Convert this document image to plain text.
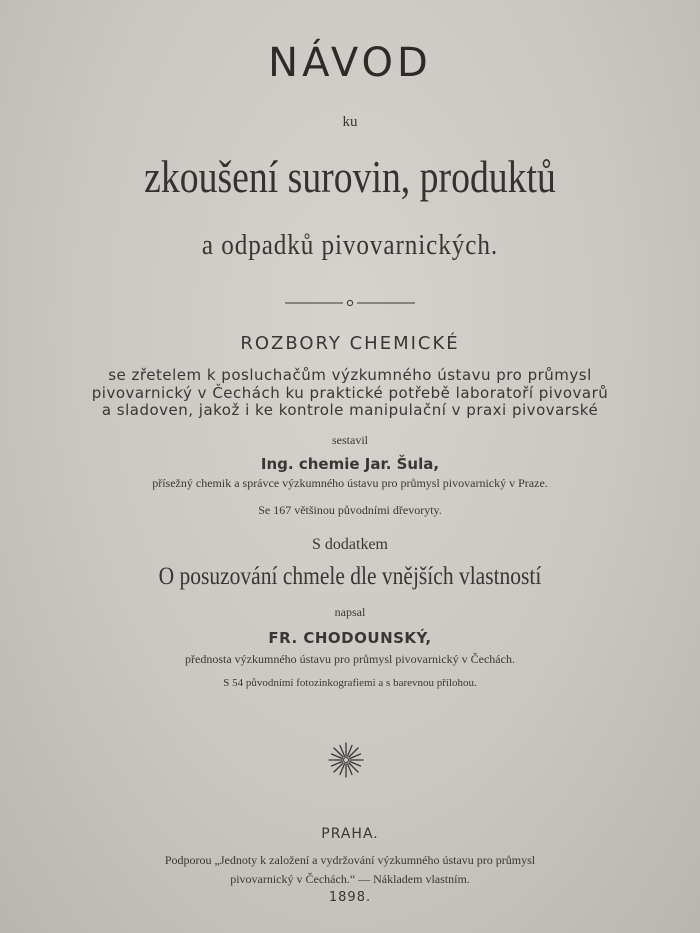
NÁVOD

ku

zkoušení surovin, produktů

a odpadků pivovarnických.

ROZBORY CHEMICKÉ

se zřetelem k posluchačům výzkumného ústavu pro průmysl

pivovarnický v Čechách ku praktické potřebě laboratoří pivovarů

a sladoven, jakož i ke kontrole manipulační v praxi pivovarské

sestavil

Ing. chemie Jar. Šula,

přísežný chemik a správce výzkumného ústavu pro průmysl pivovarnický v Praze.

Se 167 většinou původními dřevoryty.

S dodatkem

O posuzování chmele dle vnějších vlastností

napsal

FR. CHODOUNSKÝ,

přednosta výzkumného ústavu pro průmysl pivovarnický v Čechách.

S 54 původními fotozinkografiemi a s barevnou přílohou.

PRAHA.

Podporou „Jednoty k založení a vydržování výzkumného ústavu pro průmysl

pivovarnický v Čechách.“ — Nákladem vlastním.

1898.
